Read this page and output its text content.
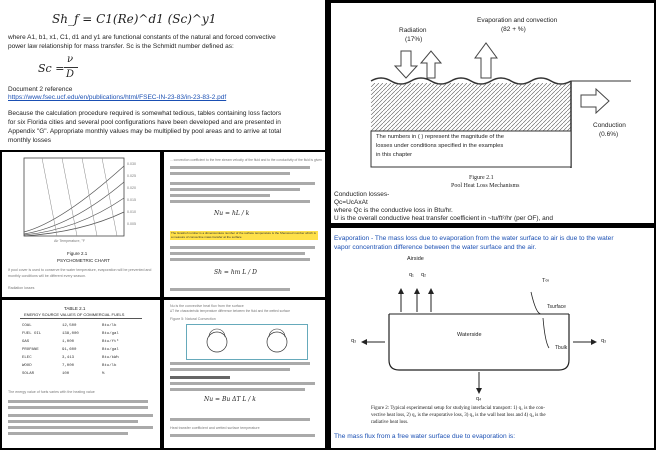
Sh_f = C1(Re)^d1 (Sc)^y1
where A1, b1, x1, C1, d1 and y1 are functional constants of the natural and forced convective
power law relationship for mass transfer. Sc is the Schmidt number defined as:
Sc =
ν
D
Document 2 reference
https://www.fsec.ucf.edu/en/publications/html/FSEC-IN-23-83/in-23-83-2.pdf
Because the calculation procedure required is somewhat tedious, tables containing loss factors
for six Florida cities and several pool configurations have been developed and are presented in
Appendix "G". Appropriate monthly values may be multiplied by pool areas and to arrive at total
monthly losses
Radiation
(17%)
Evaporation and convection
(82 + %)
Conduction
(0.6%)
The numbers in ( ) represent the magnitude of the
losses under conditions specified in the examples
in this chapter
Figure 2.1
Pool Heat Loss Mechanisms
Conduction losses-
Qc=UcAxAt
where Qc is the conductive loss in Btu/hr.
U is the overall conductive heat transfer coefficient in ~tu/ft²/hr (per OF), and
0.030
0.025
0.020
0.015
0.010
0.005
Air Temperature, °F
Figure 2.1
PSYCHOMETRIC CHART
If pool cover is used to conserve the water temperature, evaporation will be prevented and
monthly conditions will be different every season.
Radiation losses
... convection coefficient to the free stream velocity of the fluid and to the conductivity of the fluid is given
Nu = hL / k
The Grashof number is a dimensionless number of the surface temperature is the Sherwood number which is a measure of convective mass transfer at the surface
Sh = hm L / D
TABLE 2.1
ENERGY SOURCE VALUES OF COMMERCIAL FUELS
COAL	12,500	Btu/lb
FUEL OIL	138,000	Btu/gal
GAS	1,000	Btu/ft³
PROPANE	91,600	Btu/gal
ELEC	3,413	Btu/kWh
WOOD	7,000	Btu/lb
SOLAR	100	%
The energy value of fuels varies with the heating value
Nu is the convective heat flux from the surface
ΔT the characteristic temperature difference between the fluid and the wetted surface
Figure 5: Natural Convection
Nu = Bu ΔT L / k
Heat transfer coefficient and wetted surface temperature
Evaporation - The mass loss due to evaporation from the water surface to air is due to the water
vapor concentration difference between the water surface and the air.
Airside
q₁ q₂
T∞
Tsurface
q₃
Waterside
Tbulk
q₃
q₄
Figure 2: Typical experimental setup for studying interfacial transport: 1) q₁ is the con-
vective heat loss, 2) q₂ is the evaporative loss, 3) q₃ is the wall heat loss and 4) q₄ is the
radiative heat loss.
The mass flux from a free water surface due to evaporation is:
